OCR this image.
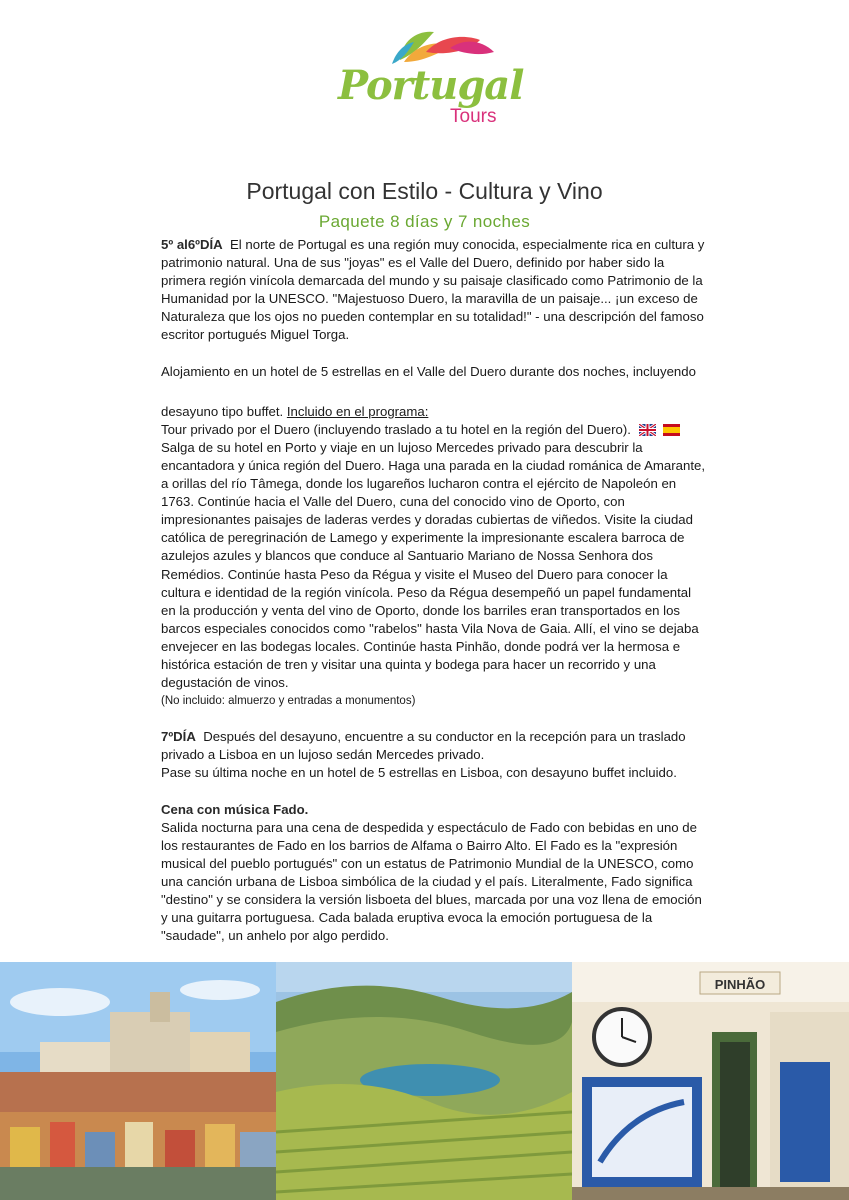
Portugal
Tours
Portugal con Estilo - Cultura y Vino
Paquete 8 días y 7 noches

5º al6ºDÍA El norte de Portugal es una región muy conocida, especialmente rica en cultura y patrimonio natural. Una de sus "joyas" es el Valle del Duero, definido por haber sido la primera región vinícola demarcada del mundo y su paisaje clasificado como Patrimonio de la Humanidad por la UNESCO. "Majestuoso Duero, la maravilla de un paisaje... ¡un exceso de Naturaleza que los ojos no pueden contemplar en su totalidad!" - una descripción del famoso escritor portugués Miguel Torga.

Alojamiento en un hotel de 5 estrellas en el Valle del Duero durante dos noches, incluyendo

desayuno tipo buffet. Incluido en el programa:

Tour privado por el Duero (incluyendo traslado a tu hotel en la región del Duero).

Salga de su hotel en Porto y viaje en un lujoso Mercedes privado para descubrir la encantadora y única región del Duero. Haga una parada en la ciudad románica de Amarante, a orillas del río Tâmega, donde los lugareños lucharon contra el ejército de Napoleón en 1763. Continúe hacia el Valle del Duero, cuna del conocido vino de Oporto, con impresionantes paisajes de laderas verdes y doradas cubiertas de viñedos. Visite la ciudad católica de peregrinación de Lamego y experimente la impresionante escalera barroca de azulejos azules y blancos que conduce al Santuario Mariano de Nossa Senhora dos Remédios. Continúe hasta Peso da Régua y visite el Museo del Duero para conocer la cultura e identidad de la región vinícola. Peso da Régua desempeñó un papel fundamental en la producción y venta del vino de Oporto, donde los barriles eran transportados en los barcos especiales conocidos como "rabelos" hasta Vila Nova de Gaia. Allí, el vino se dejaba envejecer en las bodegas locales. Continúe hasta Pinhão, donde podrá ver la hermosa e histórica estación de tren y visitar una quinta y bodega para hacer un recorrido y una degustación de vinos.

(No incluido: almuerzo y entradas a monumentos)

7ºDÍA Después del desayuno, encuentre a su conductor en la recepción para un traslado privado a Lisboa en un lujoso sedán Mercedes privado.

Pase su última noche en un hotel de 5 estrellas en Lisboa, con desayuno buffet incluido.

Cena con música Fado.

Salida nocturna para una cena de despedida y espectáculo de Fado con bebidas en uno de los restaurantes de Fado en los barrios de Alfama o Bairro Alto. El Fado es la "expresión musical del pueblo portugués" con un estatus de Patrimonio Mundial de la UNESCO, como una canción urbana de Lisboa simbólica de la ciudad y el país. Literalmente, Fado significa "destino" y se considera la versión lisboeta del blues, marcada por una voz llena de emoción y una guitarra portuguesa. Cada balada eruptiva evoca la emoción portuguesa de la "saudade", un anhelo por algo perdido.

PINHÃO
